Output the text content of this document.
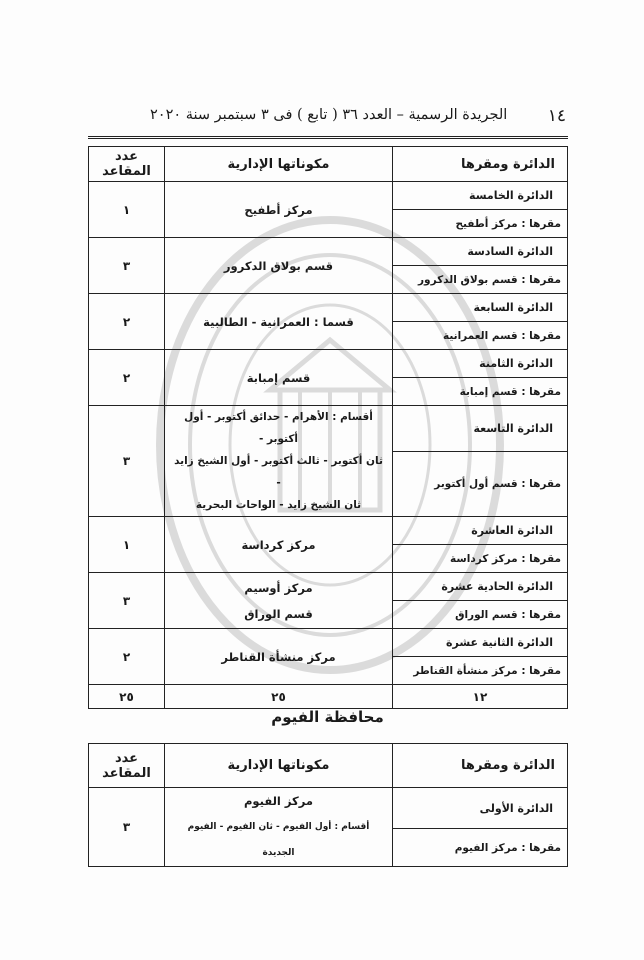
١٤
الجريدة الرسمية – العدد ٣٦ ( تابع ) فى ٣ سبتمبر سنة ٢٠٢٠
الدائرة ومقرها	مكوناتها الإدارية	عدد المقاعد
الدائرة الخامسة	مركز أطفيح	١
مقرها : مركز أطفيح		
الدائرة السادسة	قسم بولاق الدكرور	٣
مقرها : قسم بولاق الدكرور		
الدائرة السابعة	قسما : العمرانية - الطالبية	٢
مقرها : قسم العمرانية		
الدائرة الثامنة	قسم إمبابة	٢
مقرها : قسم إمبابة		
الدائرة التاسعة	أقسام : الأهرام - حدائق أكتوبر - أول أكتوبر -
ثان أكتوبر - ثالث أكتوبر - أول الشيخ زايد -
ثان الشيخ زايد - الواحات البحرية	٣
مقرها : قسم أول أكتوبر		
الدائرة العاشرة	مركز كرداسة	١
مقرها : مركز كرداسة		
الدائرة الحادية عشرة	مركز أوسيم
قسم الوراق	٣
مقرها : قسم الوراق		
الدائرة الثانية عشرة	مركز منشأة القناطر	٢
مقرها : مركز منشأة القناطر		
١٢	٢٥	٢٥
محافظة الفيوم
الدائرة ومقرها	مكوناتها الإدارية	عدد المقاعد
الدائرة الأولى	مركز الفيوم
أقسام : أول الفيوم - ثان الفيوم - الفيوم الجديدة	٣
مقرها : مركز الفيوم		
